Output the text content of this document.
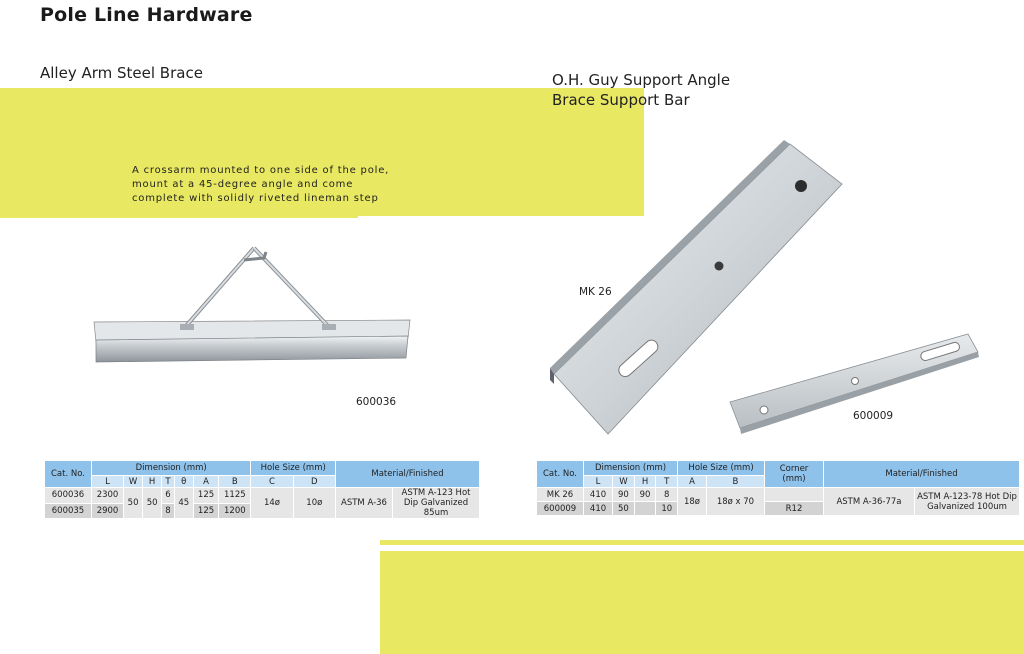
Pole Line Hardware
Alley Arm Steel Brace	O.H. Guy Support Angle
Brace Support Bar
A crossarm mounted to one side of the pole, mount at a 45-degree angle and come complete with solidly riveted lineman step
600036
MK 26
600009
Cat. No.	Dimension (mm)							Hole Size (mm)		Material/Finished	
	L	W	H	T	θ	A	B	C	D		
600036	2300	50	50	6	45	125	1125	14ø	10ø	ASTM A-36	ASTM A-123 Hot Dip Galvanized 85um
600035	2900			8		125	1200				
Cat. No.	Dimension (mm)				Hole Size (mm)		Corner (mm)	Material/Finished	
	L	W	H	T	A	B			
MK 26	410	90	90	8	18ø	18ø x 70		ASTM A-36-77a	ASTM A-123-78 Hot Dip Galvanized 100um
600009	410	50		10			R12		
